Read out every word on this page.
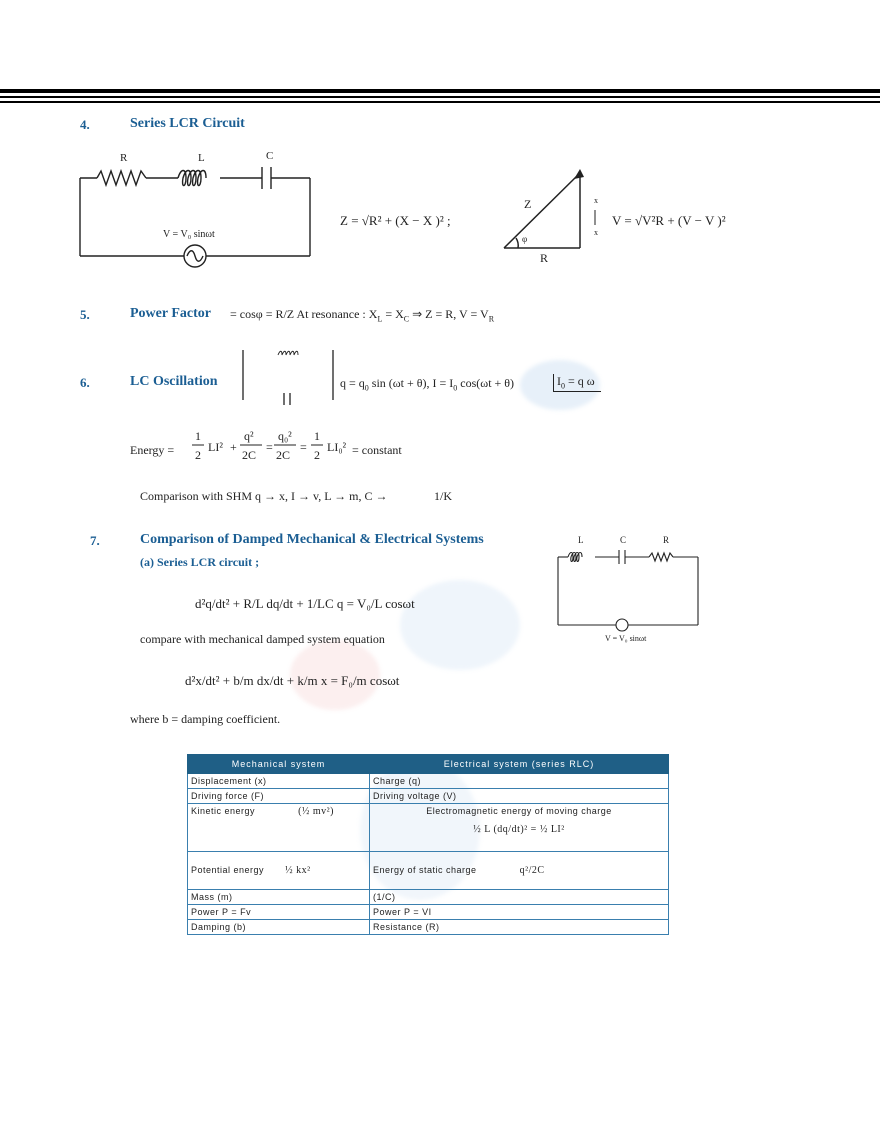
4.	Series LCR Circuit
R	L	C
V = V₀ sinωt
Z = √R² + (X − X )² ;
x
x
Z
R
φ
V = √V²R + (V − V )²
5.	Power Factor = cosφ = R/Z At resonance : $X_L = X_C$ ⇒ Z = R, $V = V_R$
6.	LC Oscillation	$q = q_0$ sin (ωt + θ), $I = I_0$ cos(ωt + θ)	$I_0 = q$ ω
Energy =
1
2
LI² +
q²
2C
=
q₀²
2C
=
1
2
LI₀² = constant
Comparison with SHM q → x, I → v, L → m, C →	1/K
7.	Comparison of Damped Mechanical & Electrical Systems
(a) Series LCR circuit ;
d²q/dt² + R/L dq/dt + 1/LC q = V₀/L cosωt
compare with mechanical damped system equation
d²x/dt² + b/m dx/dt + k/m x = F₀/m cosωt
where b = damping coefficient.
L	C	R
V = V₀ sinωt
Mechanical system	Electrical system (series RLC)
Displacement (x)	Charge (q)
Driving force (F)	Driving voltage (V)
Kinetic energy (½ mv²)	Electromagnetic energy of moving charge
½ L (dq/dt)² = ½ LI²

Potential energy ½ kx²	Energy of static charge q²/2C
Mass (m)	(1/C)
Power P = Fv	Power P = VI
Damping (b)	Resistance (R)
